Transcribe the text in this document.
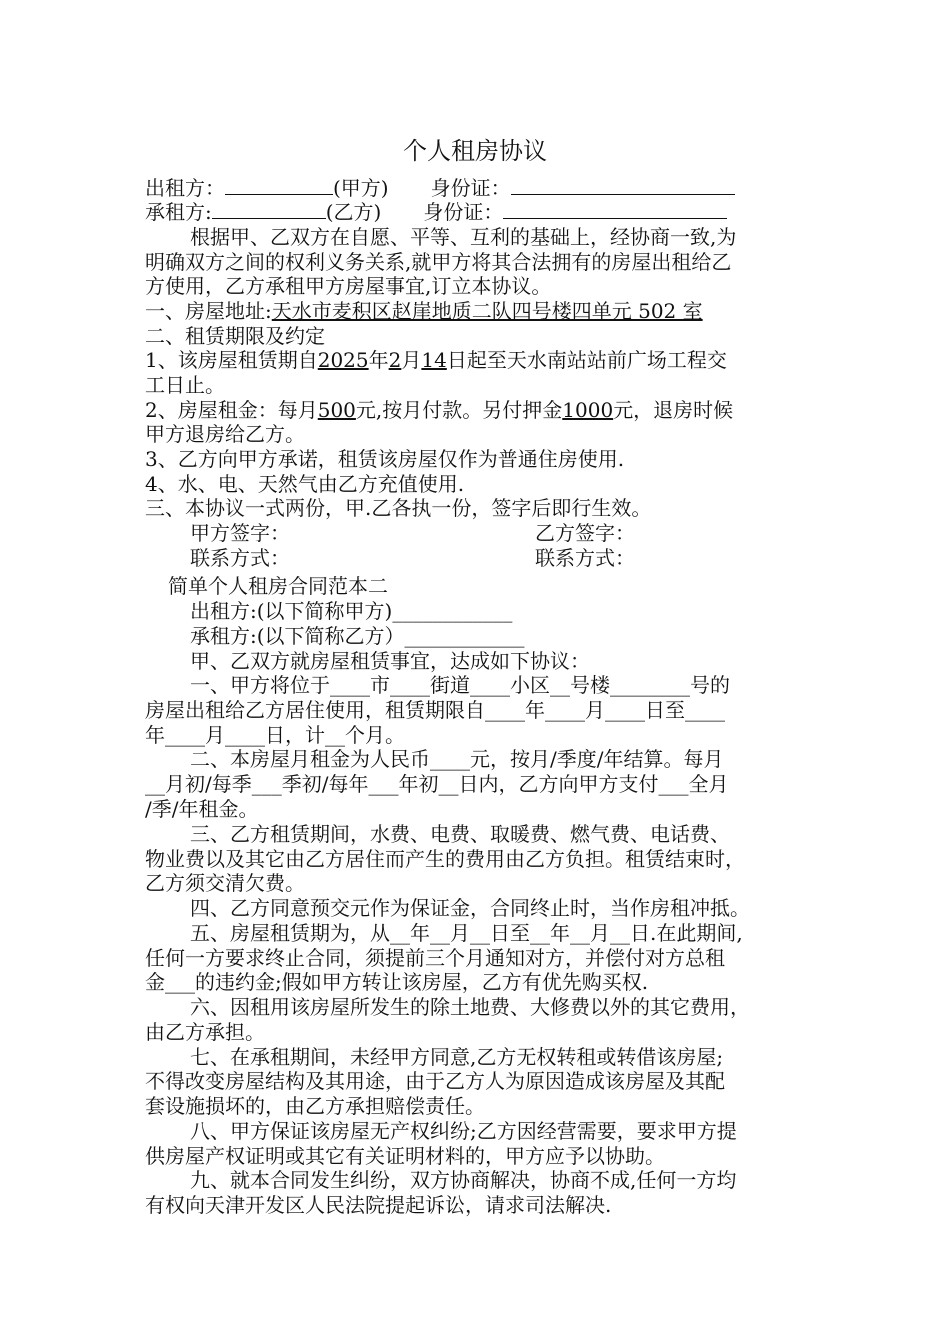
个人租房协议
出租方：	(甲方) 身份证：
承租方:	(乙方) 身份证：
根据甲、乙双方在自愿、平等、互利的基础上，经协商一致,为
明确双方之间的权利义务关系,就甲方将其合法拥有的房屋出租给乙
方使用，乙方承租甲方房屋事宜,订立本协议。
一、房屋地址:天水市麦积区赵崖地质二队四号楼四单元 502 室
二、租赁期限及约定
1、该房屋租赁期自2025年2月14日起至天水南站站前广场工程交
工日止。
2、房屋租金：每月500元,按月付款。另付押金1000元，退房时候
甲方退房给乙方。
3、乙方向甲方承诺，租赁该房屋仅作为普通住房使用.
4、水、电、天然气由乙方充值使用.
三、本协议一式两份，甲.乙各执一份，签字后即行生效。
甲方签字：	乙方签字：
联系方式：	联系方式：
简单个人租房合同范本二
出租方:(以下简称甲方)____________
承租方:(以下简称乙方）____________
甲、乙双方就房屋租赁事宜，达成如下协议：
一、甲方将位于____市____街道____小区__号楼________号的
房屋出租给乙方居住使用，租赁期限自____年____月____日至____
年____月____日，计__个月。
二、本房屋月租金为人民币____元，按月/季度/年结算。每月
__月初/每季___季初/每年___年初__日内，乙方向甲方支付___全月
/季/年租金。
三、乙方租赁期间，水费、电费、取暖费、燃气费、电话费、
物业费以及其它由乙方居住而产生的费用由乙方负担。租赁结束时，
乙方须交清欠费。
四、乙方同意预交元作为保证金，合同终止时，当作房租冲抵。
五、房屋租赁期为，从__年__月__日至__年__月__日.在此期间,
任何一方要求终止合同，须提前三个月通知对方，并偿付对方总租
金___的违约金;假如甲方转让该房屋，乙方有优先购买权.
六、因租用该房屋所发生的除土地费、大修费以外的其它费用，
由乙方承担。
七、在承租期间，未经甲方同意,乙方无权转租或转借该房屋;
不得改变房屋结构及其用途，由于乙方人为原因造成该房屋及其配
套设施损坏的，由乙方承担赔偿责任。
八、甲方保证该房屋无产权纠纷;乙方因经营需要，要求甲方提
供房屋产权证明或其它有关证明材料的，甲方应予以协助。
九、就本合同发生纠纷，双方协商解决，协商不成,任何一方均
有权向天津开发区人民法院提起诉讼，请求司法解决.
